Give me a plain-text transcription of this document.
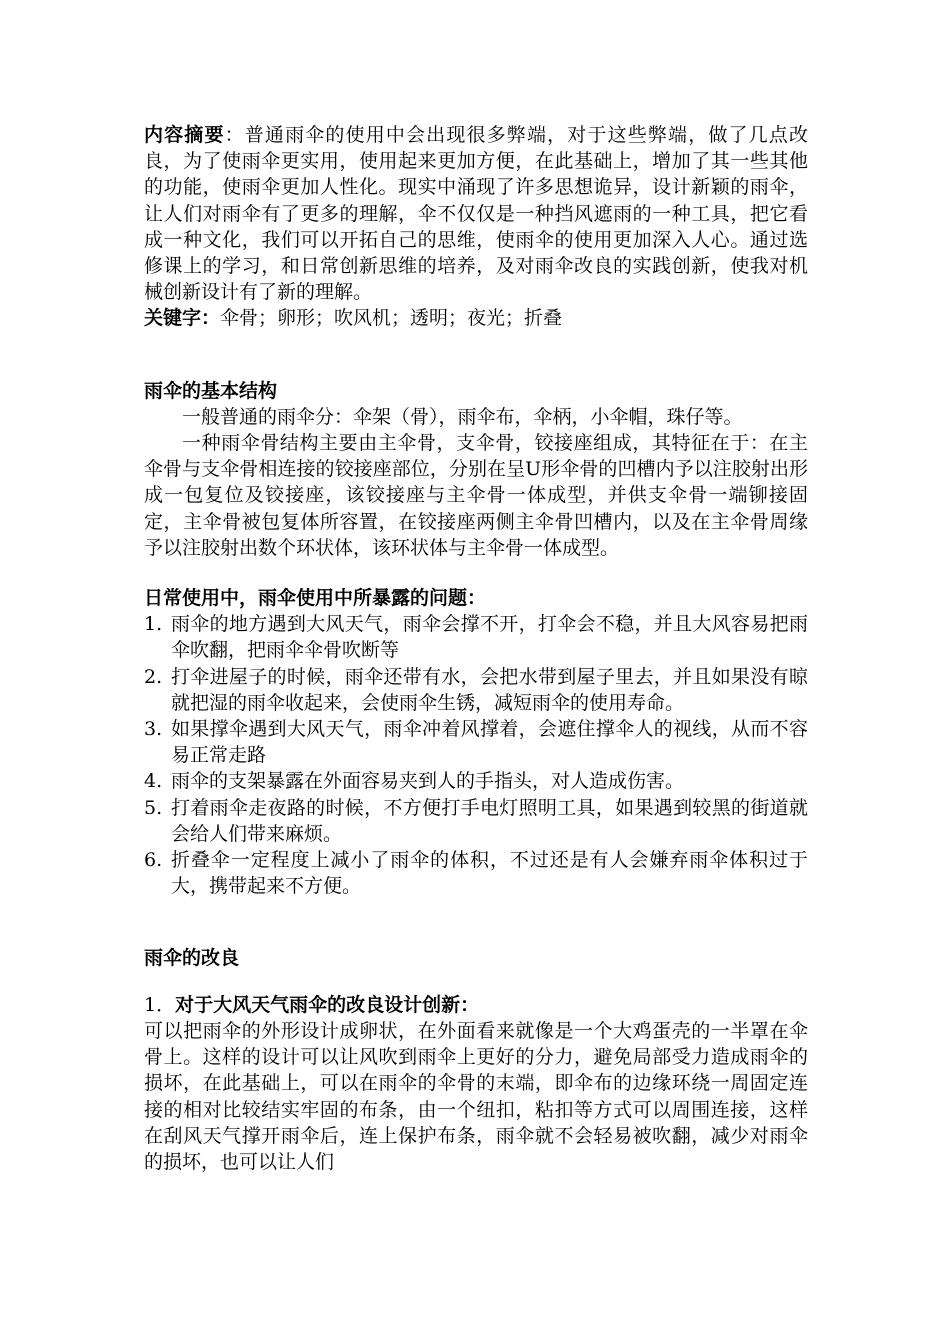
内容摘要：普通雨伞的使用中会出现很多弊端，对于这些弊端，做了几点改良，为了使雨伞更实用，使用起来更加方便，在此基础上，增加了其一些其他的功能，使雨伞更加人性化。现实中涌现了许多思想诡异，设计新颖的雨伞，让人们对雨伞有了更多的理解，伞不仅仅是一种挡风遮雨的一种工具，把它看成一种文化，我们可以开拓自己的思维，使雨伞的使用更加深入人心。通过选修课上的学习，和日常创新思维的培养，及对雨伞改良的实践创新，使我对机械创新设计有了新的理解。

关键字：伞骨；卵形；吹风机；透明；夜光；折叠

雨伞的基本结构

一般普通的雨伞分：伞架（骨），雨伞布，伞柄，小伞帽，珠仔等。

一种雨伞骨结构主要由主伞骨，支伞骨，铰接座组成，其特征在于：在主伞骨与支伞骨相连接的铰接座部位，分别在呈U形伞骨的凹槽内予以注胶射出形成一包复位及铰接座，该铰接座与主伞骨一体成型，并供支伞骨一端铆接固定，主伞骨被包复体所容置，在铰接座两侧主伞骨凹槽内，以及在主伞骨周缘予以注胶射出数个环状体，该环状体与主伞骨一体成型。

日常使用中，雨伞使用中所暴露的问题：

1. 雨伞的地方遇到大风天气，雨伞会撑不开，打伞会不稳，并且大风容易把雨伞吹翻，把雨伞伞骨吹断等
2. 打伞进屋子的时候，雨伞还带有水，会把水带到屋子里去，并且如果没有晾就把湿的雨伞收起来，会使雨伞生锈，减短雨伞的使用寿命。
3. 如果撑伞遇到大风天气，雨伞冲着风撑着，会遮住撑伞人的视线，从而不容易正常走路
4. 雨伞的支架暴露在外面容易夹到人的手指头，对人造成伤害。
5. 打着雨伞走夜路的时候，不方便打手电灯照明工具，如果遇到较黑的街道就会给人们带来麻烦。
6. 折叠伞一定程度上减小了雨伞的体积，不过还是有人会嫌弃雨伞体积过于大，携带起来不方便。

雨伞的改良

1．对于大风天气雨伞的改良设计创新：

可以把雨伞的外形设计成卵状，在外面看来就像是一个大鸡蛋壳的一半罩在伞骨上。这样的设计可以让风吹到雨伞上更好的分力，避免局部受力造成雨伞的损坏，在此基础上，可以在雨伞的伞骨的末端，即伞布的边缘环绕一周固定连接的相对比较结实牢固的布条，由一个纽扣，粘扣等方式可以周围连接，这样在刮风天气撑开雨伞后，连上保护布条，雨伞就不会轻易被吹翻，减少对雨伞的损坏，也可以让人们
